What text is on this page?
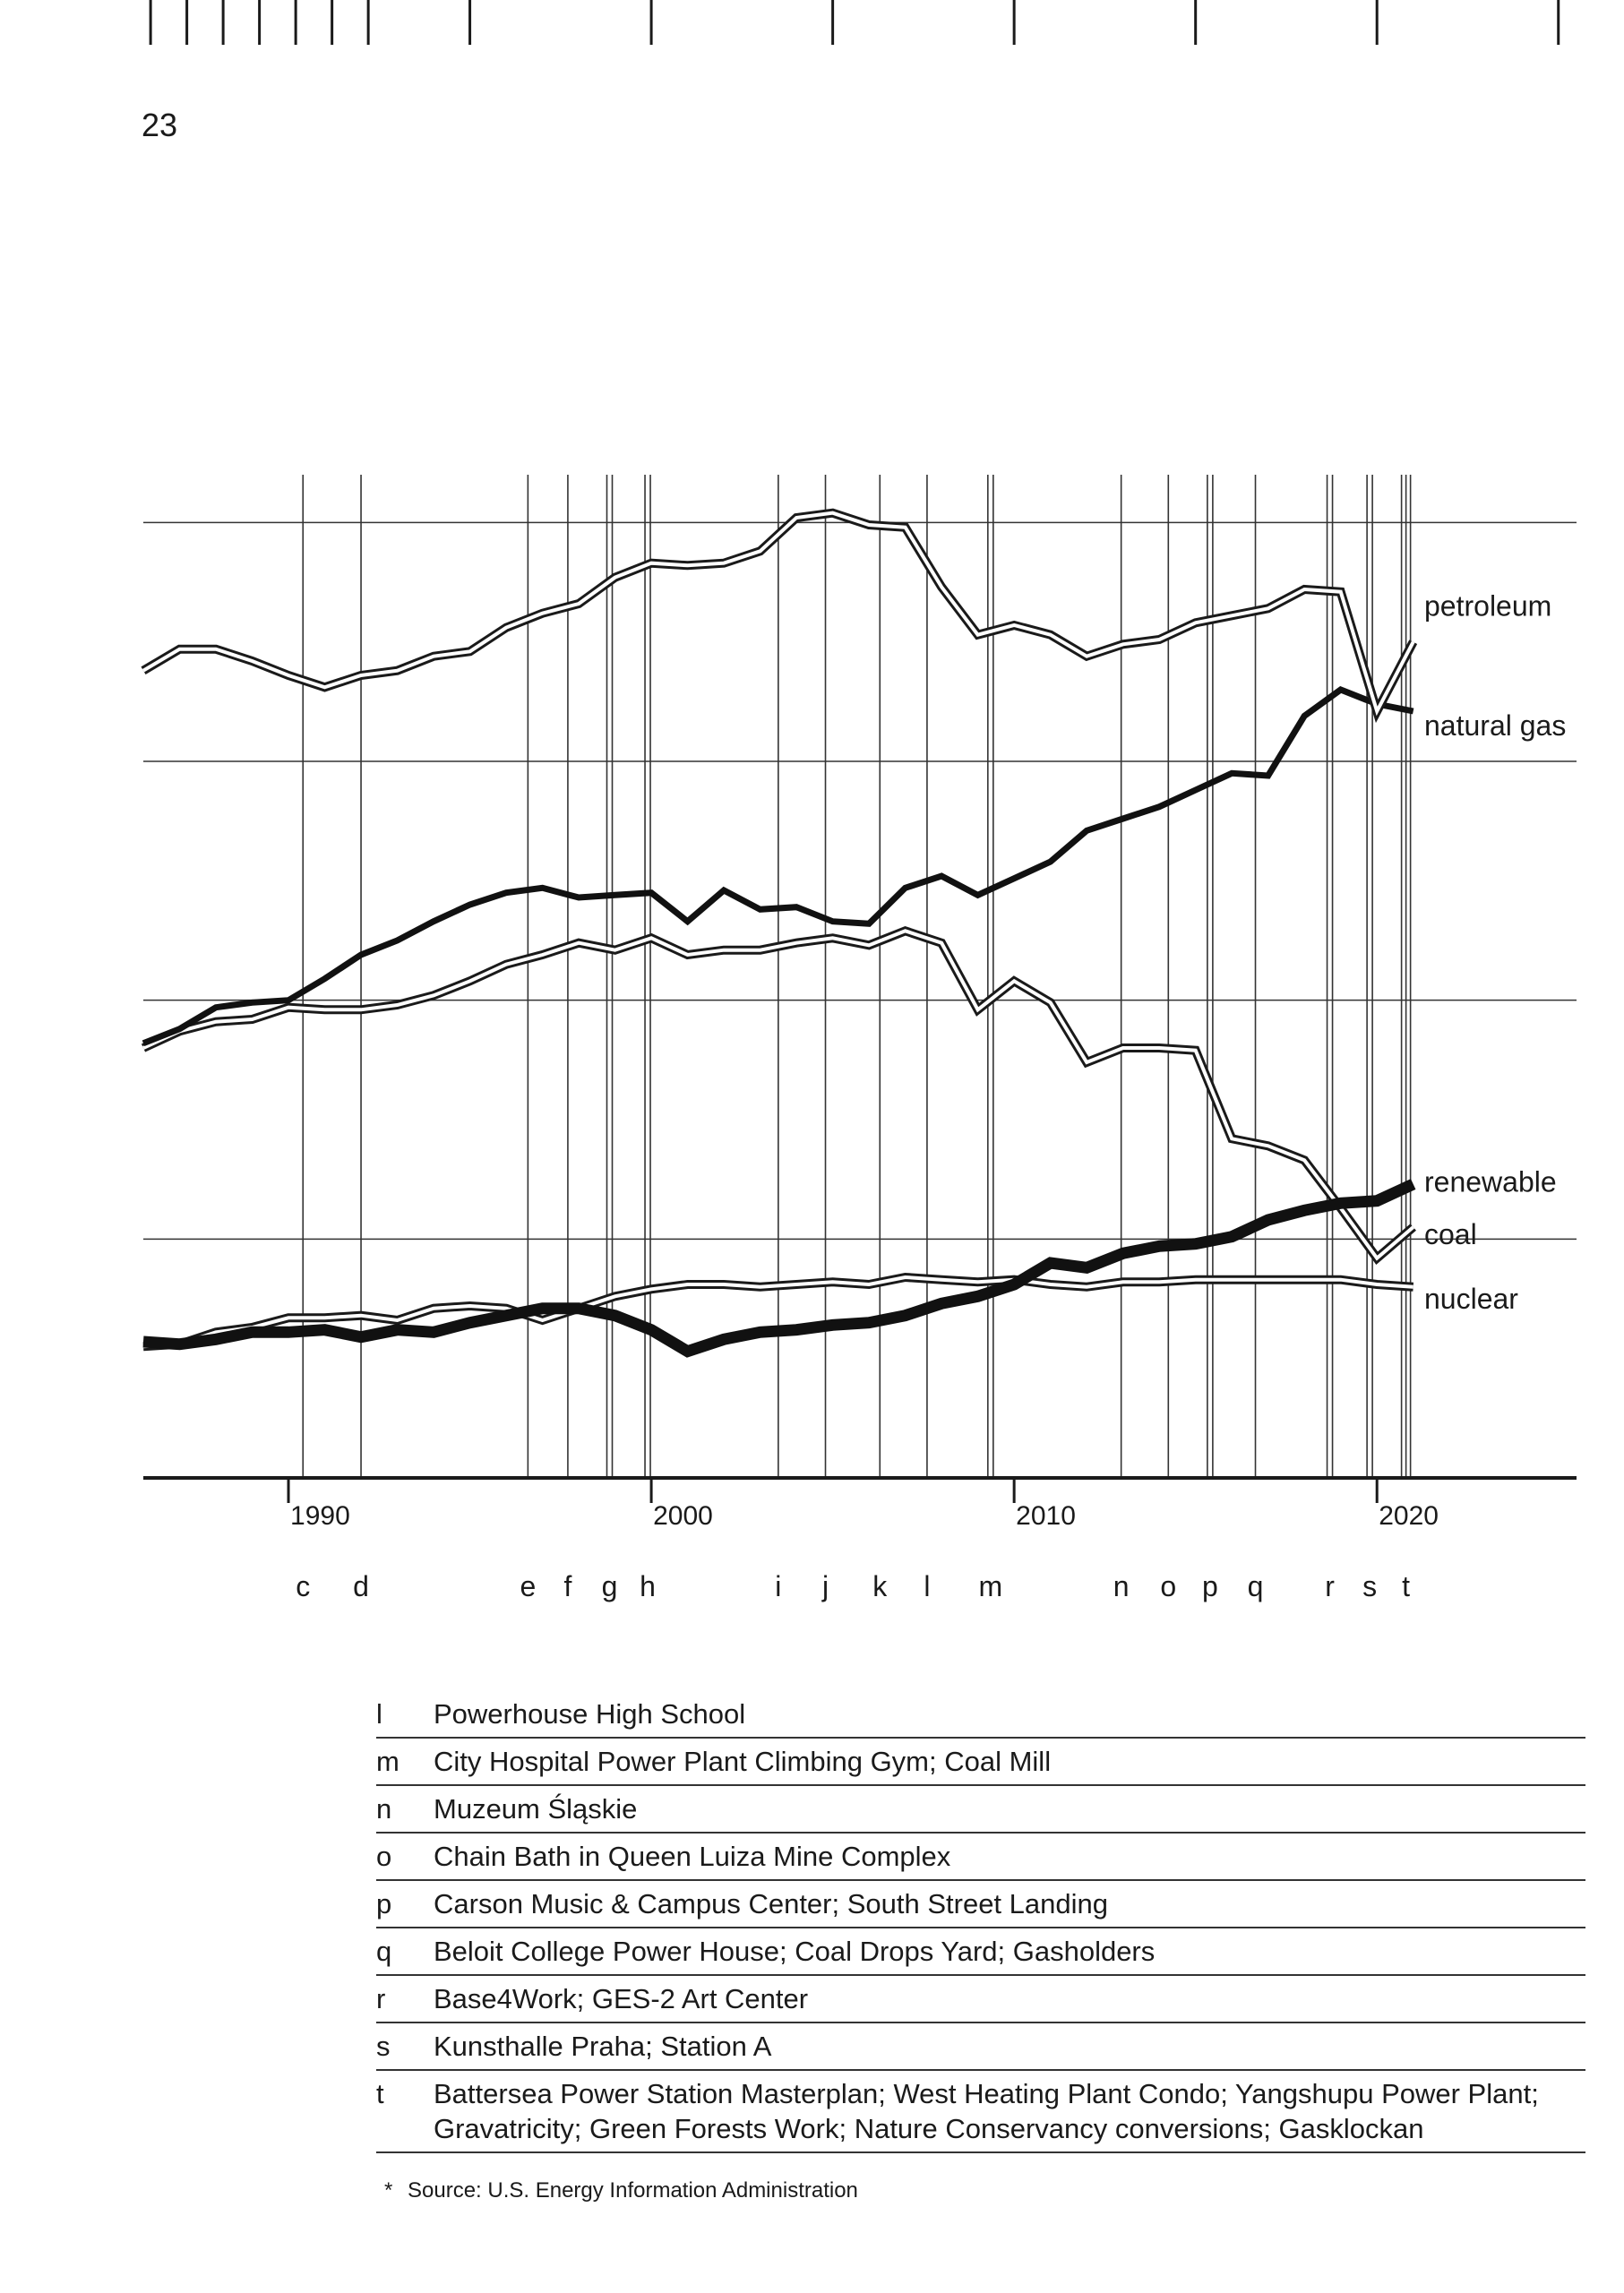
23
petroleum
natural gas
coal
renewable
nuclear
1990	2000	2010	2020
c d	e f g h	i j k l m	n o p q r s t
l	Powerhouse High School
m	City Hospital Power Plant Climbing Gym; Coal Mill
n	Muzeum Śląskie
o	Chain Bath in Queen Luiza Mine Complex
p	Carson Music & Campus Center; South Street Landing
q	Beloit College Power House; Coal Drops Yard; Gasholders
r	Base4Work; GES-2 Art Center
s	Kunsthalle Praha; Station A
t	Battersea Power Station Masterplan; West Heating Plant Condo; Yangshupu Power Plant; Gravatricity; Green Forests Work; Nature Conservancy conversions; Gasklockan
* Source: U.S. Energy Information Administration
